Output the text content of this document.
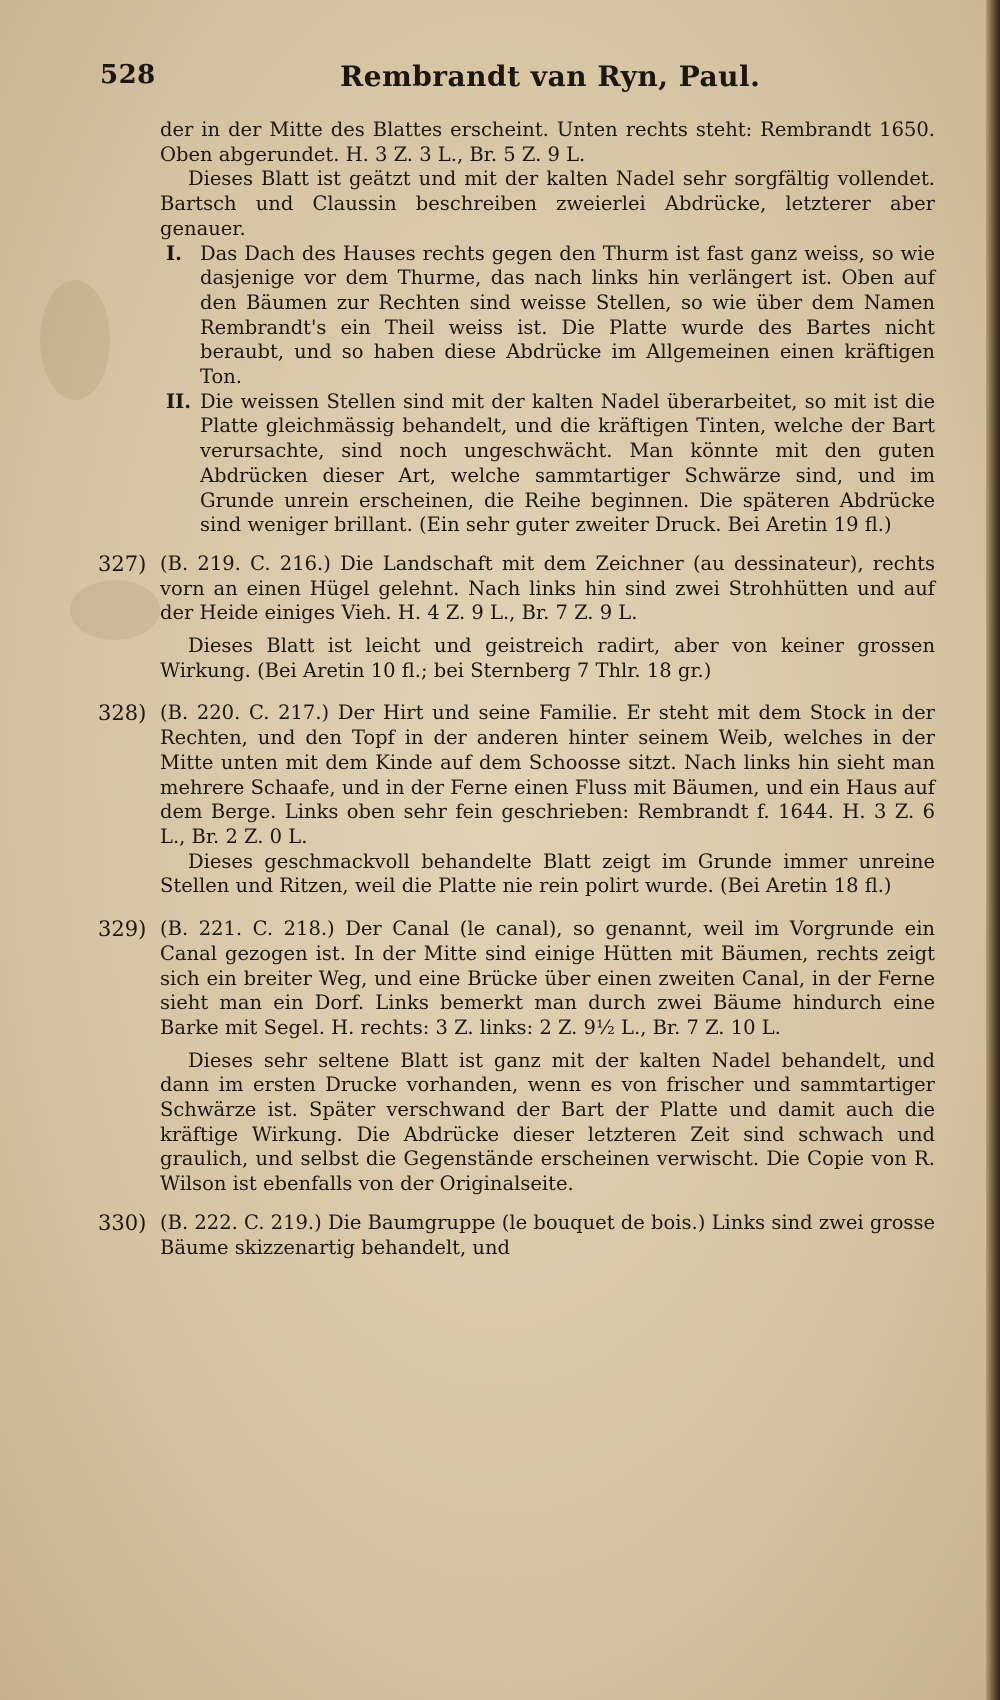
528	Rembrandt van Ryn, Paul.

der in der Mitte des Blattes erscheint. Unten rechts steht: Rembrandt 1650. Oben abgerundet. H. 3 Z. 3 L., Br. 5 Z. 9 L.

Dieses Blatt ist geätzt und mit der kalten Nadel sehr sorgfältig vollendet. Bartsch und Claussin beschreiben zweierlei Abdrücke, letzterer aber genauer.

I. Das Dach des Hauses rechts gegen den Thurm ist fast ganz weiss, so wie dasjenige vor dem Thurme, das nach links hin verlängert ist. Oben auf den Bäumen zur Rechten sind weisse Stellen, so wie über dem Namen Rembrandt's ein Theil weiss ist. Die Platte wurde des Bartes nicht beraubt, und so haben diese Abdrücke im Allgemeinen einen kräftigen Ton.
II. Die weissen Stellen sind mit der kalten Nadel überarbeitet, so mit ist die Platte gleichmässig behandelt, und die kräftigen Tinten, welche der Bart verursachte, sind noch ungeschwächt. Man könnte mit den guten Abdrücken dieser Art, welche sammtartiger Schwärze sind, und im Grunde unrein erscheinen, die Reihe beginnen. Die späteren Abdrücke sind weniger brillant. (Ein sehr guter zweiter Druck. Bei Aretin 19 fl.)
327) (B. 219. C. 216.) Die Landschaft mit dem Zeichner (au dessinateur), rechts vorn an einen Hügel gelehnt. Nach links hin sind zwei Strohhütten und auf der Heide einiges Vieh. H. 4 Z. 9 L., Br. 7 Z. 9 L.

Dieses Blatt ist leicht und geistreich radirt, aber von keiner grossen Wirkung. (Bei Aretin 10 fl.; bei Sternberg 7 Thlr. 18 gr.)

328) (B. 220. C. 217.) Der Hirt und seine Familie. Er steht mit dem Stock in der Rechten, und den Topf in der anderen hinter seinem Weib, welches in der Mitte unten mit dem Kinde auf dem Schoosse sitzt. Nach links hin sieht man mehrere Schaafe, und in der Ferne einen Fluss mit Bäumen, und ein Haus auf dem Berge. Links oben sehr fein geschrieben: Rembrandt f. 1644. H. 3 Z. 6 L., Br. 2 Z. 0 L.

Dieses geschmackvoll behandelte Blatt zeigt im Grunde immer unreine Stellen und Ritzen, weil die Platte nie rein polirt wurde. (Bei Aretin 18 fl.)

329) (B. 221. C. 218.) Der Canal (le canal), so genannt, weil im Vorgrunde ein Canal gezogen ist. In der Mitte sind einige Hütten mit Bäumen, rechts zeigt sich ein breiter Weg, und eine Brücke über einen zweiten Canal, in der Ferne sieht man ein Dorf. Links bemerkt man durch zwei Bäume hindurch eine Barke mit Segel. H. rechts: 3 Z. links: 2 Z. 9½ L., Br. 7 Z. 10 L.

Dieses sehr seltene Blatt ist ganz mit der kalten Nadel behandelt, und dann im ersten Drucke vorhanden, wenn es von frischer und sammtartiger Schwärze ist. Später verschwand der Bart der Platte und damit auch die kräftige Wirkung. Die Abdrücke dieser letzteren Zeit sind schwach und graulich, und selbst die Gegenstände erscheinen verwischt. Die Copie von R. Wilson ist ebenfalls von der Originalseite.

330) (B. 222. C. 219.) Die Baumgruppe (le bouquet de bois.) Links sind zwei grosse Bäume skizzenartig behandelt, und
